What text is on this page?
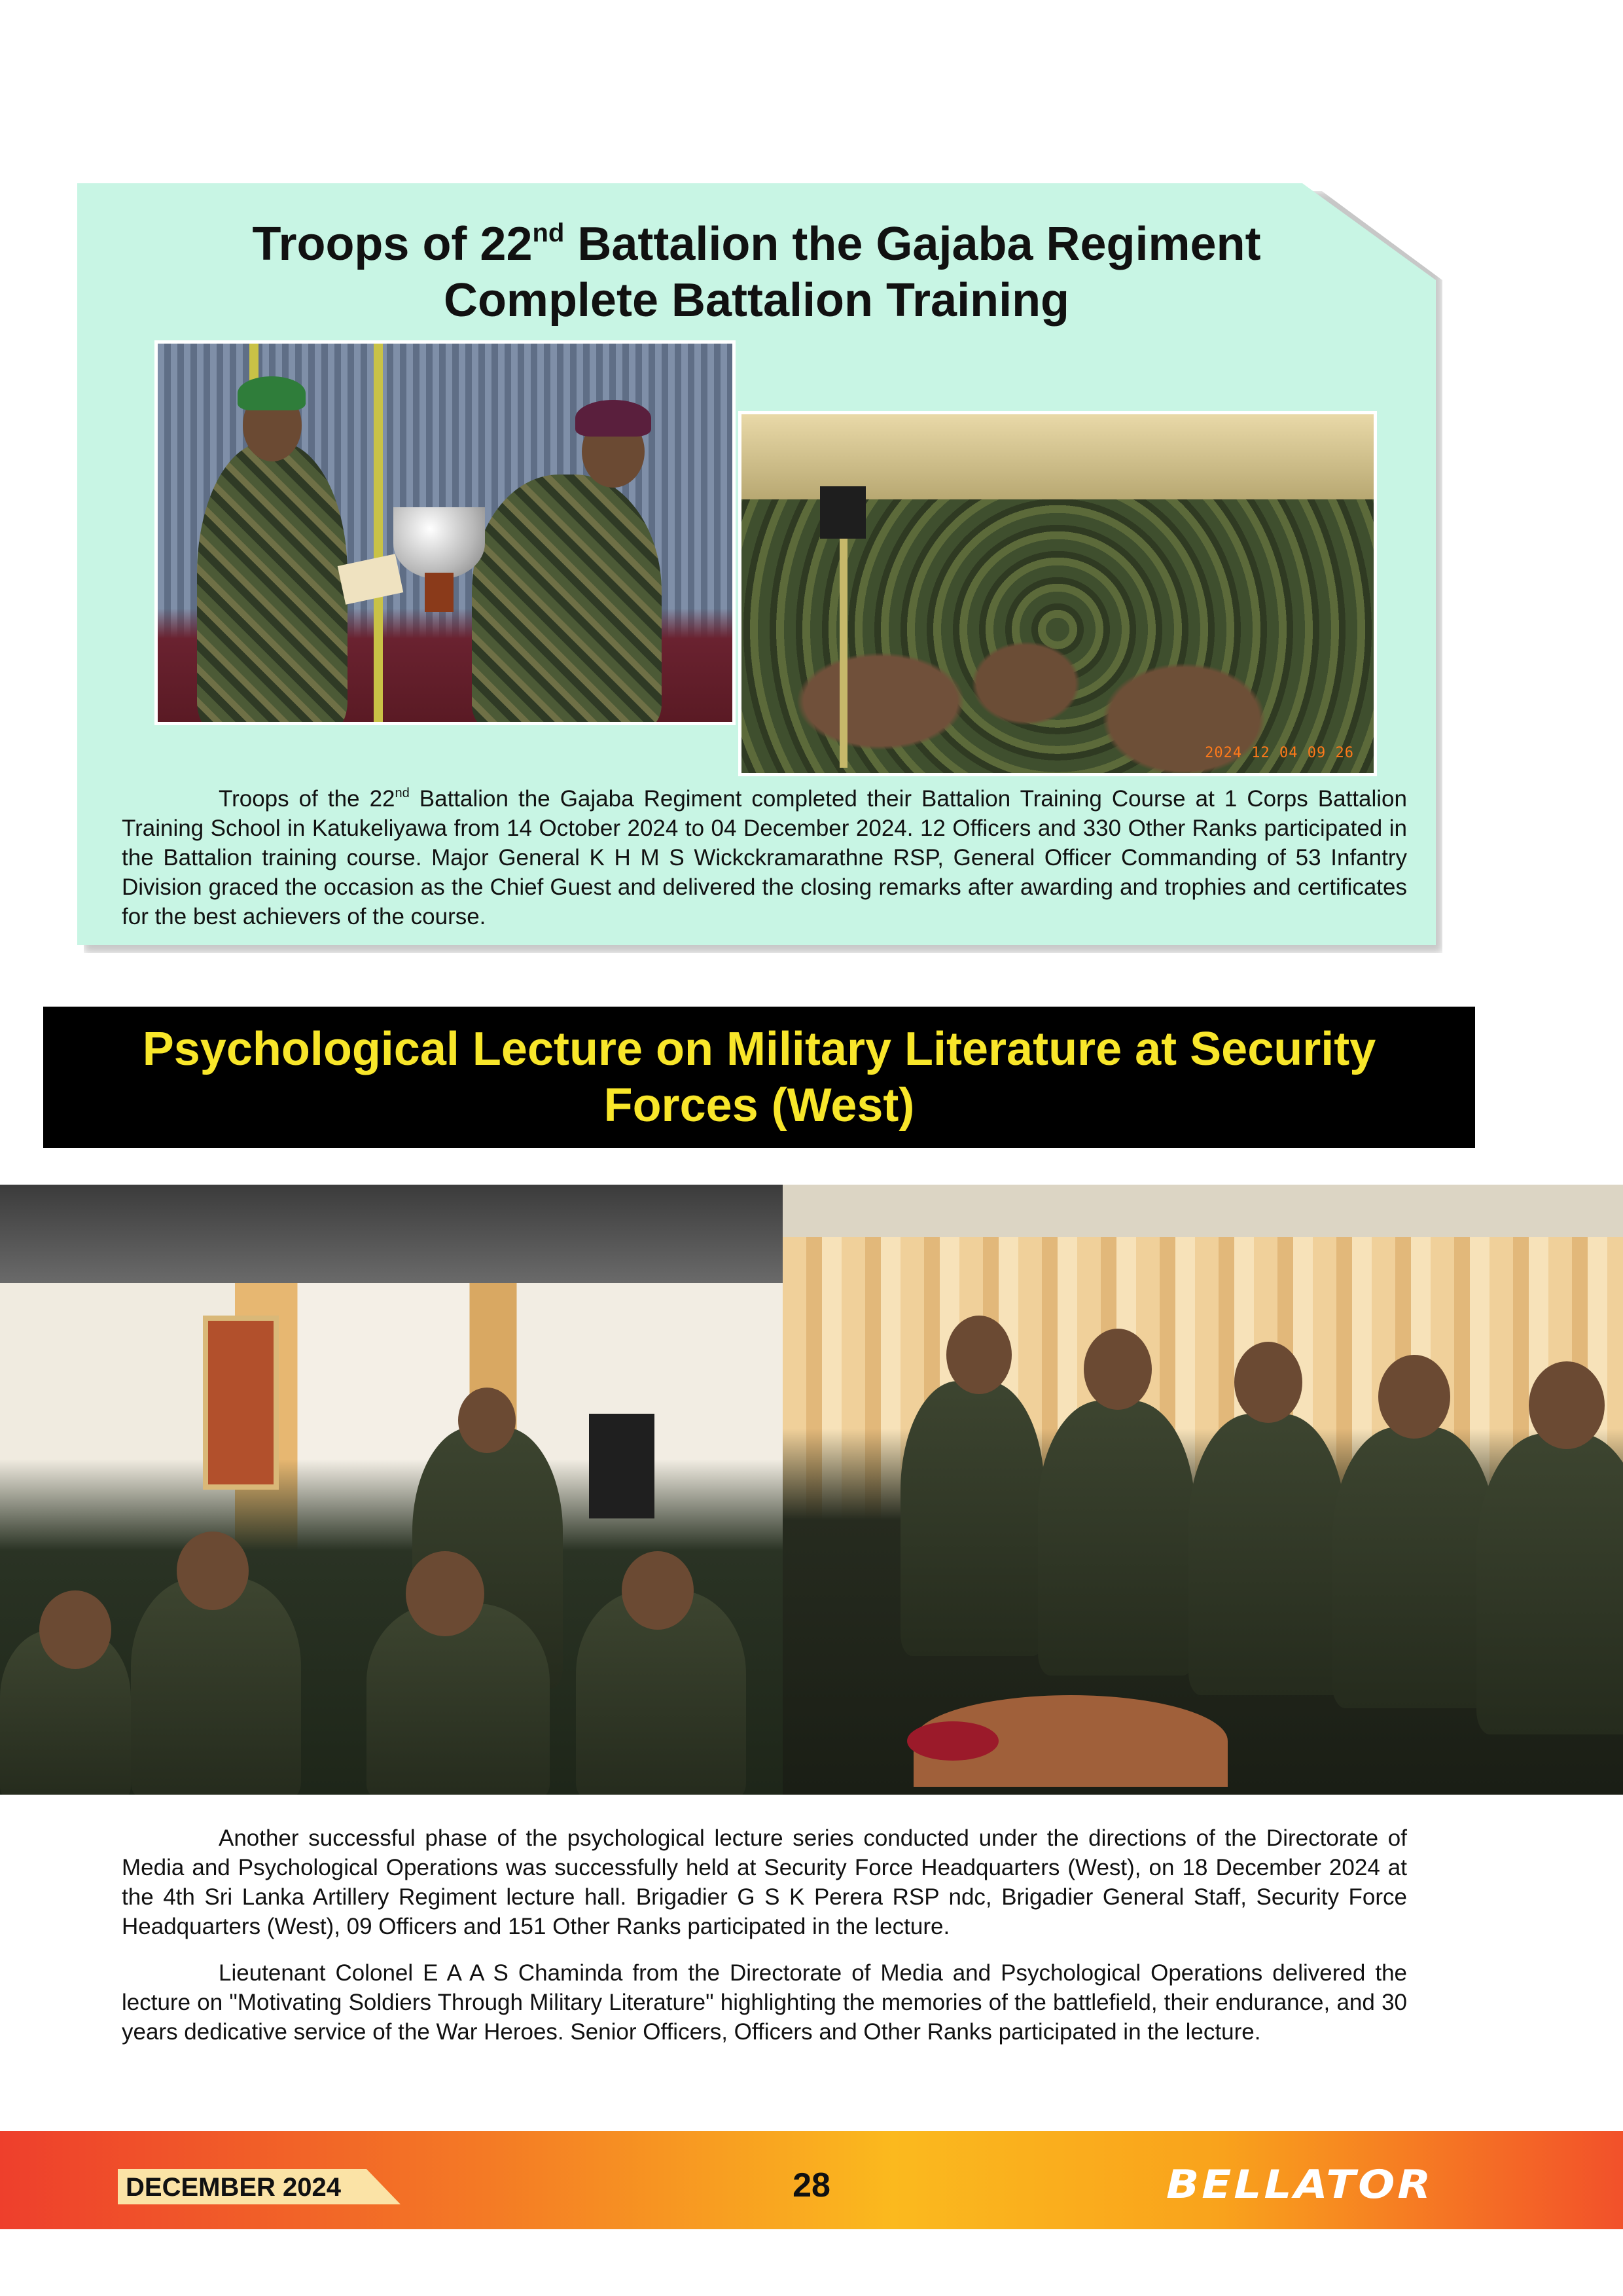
Troops of 22nd Battalion the Gajaba Regiment
Complete Battalion Training
2024 12 04 09 26

Troops of the 22nd Battalion the Gajaba Regiment completed their Battalion Training Course at 1 Corps Battalion Training School in Katukeliyawa from 14 October 2024 to 04 December 2024. 12 Officers and 330 Other Ranks participated in the Battalion training course. Major General K H M S Wickckramarathne RSP, General Officer Commanding of 53 Infantry Division graced the occasion as the Chief Guest and delivered the closing remarks after awarding and trophies and certificates for the best achievers of the course.

Psychological Lecture on Military Literature at Security
Forces (West)

Another successful phase of the psychological lecture series conducted under the directions of the Directorate of Media and Psychological Operations was successfully held at Security Force Headquarters (West), on 18 December 2024 at the 4th Sri Lanka Artillery Regiment lecture hall. Brigadier G S K Perera RSP ndc, Brigadier General Staff, Security Force Headquarters (West), 09 Officers and 151 Other Ranks participated in the lecture.

Lieutenant Colonel E A A S Chaminda from the Directorate of Media and Psychological Operations delivered the lecture on "Motivating Soldiers Through Military Literature" highlighting the memories of the battlefield, their endurance, and 30 years dedicative service of the War Heroes. Senior Officers, Officers and Other Ranks participated in the lecture.

DECEMBER 2024	28	BELLATOR
